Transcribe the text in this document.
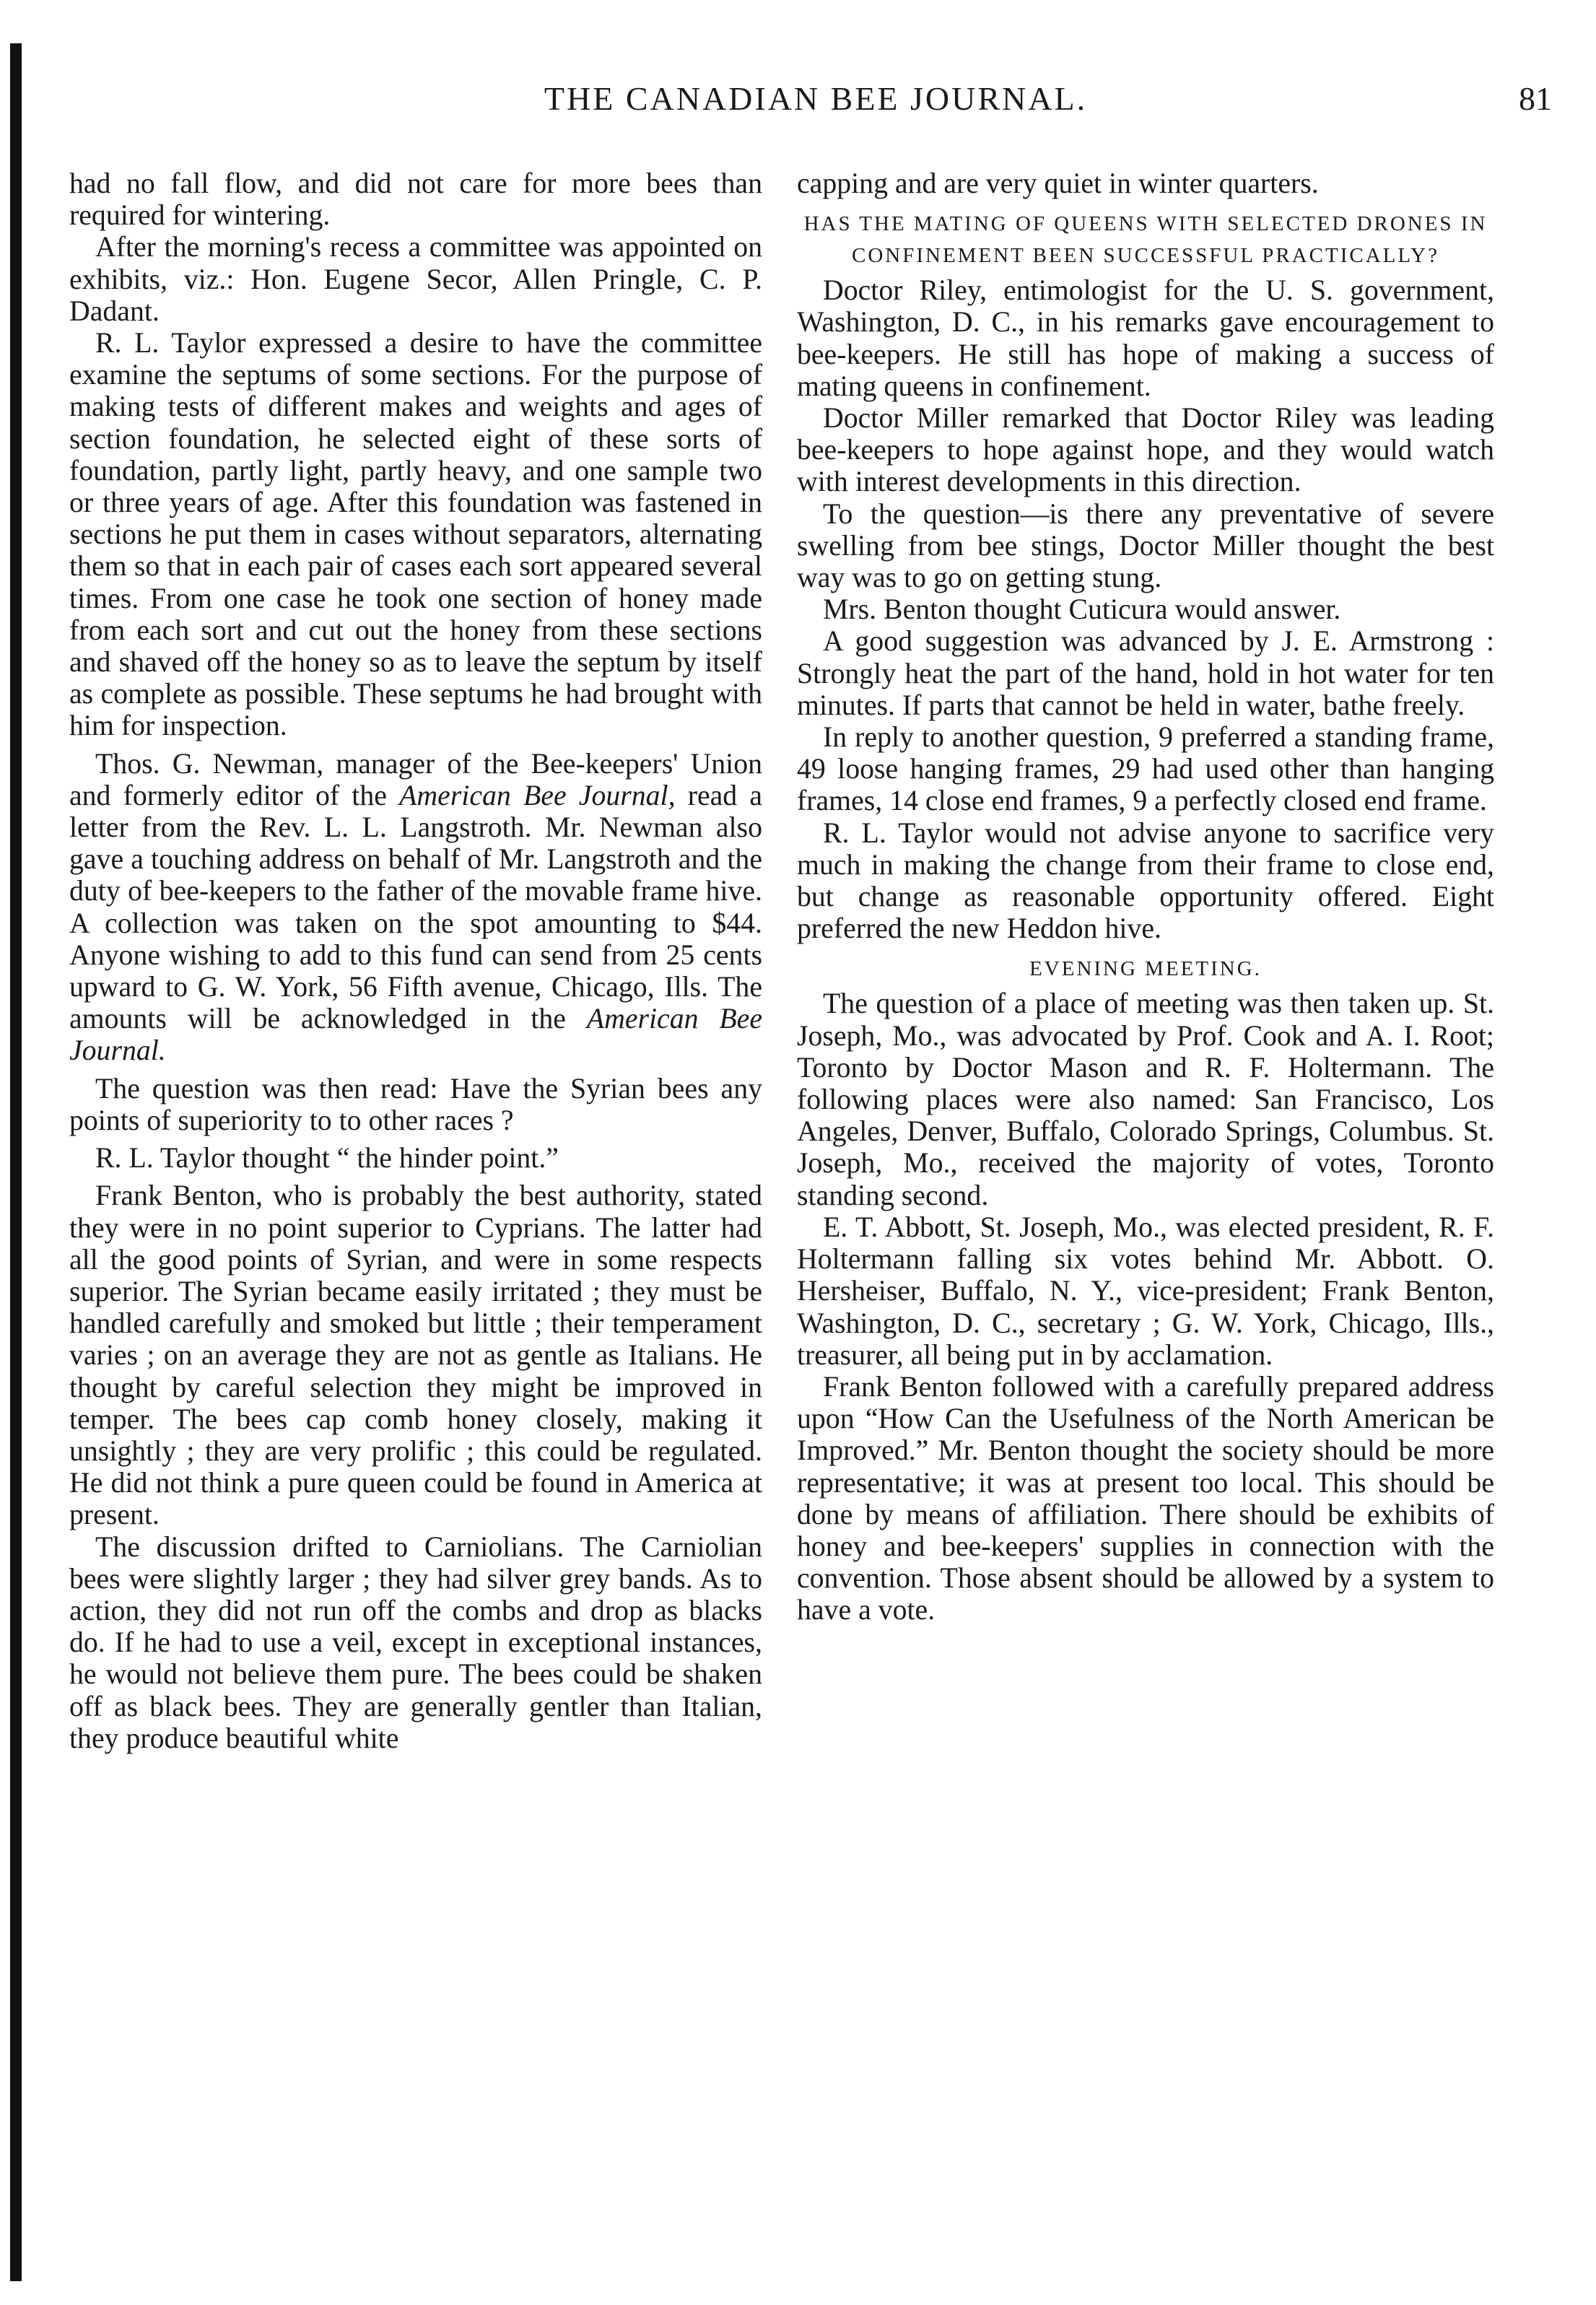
THE CANADIAN BEE JOURNAL.	81

had no fall flow, and did not care for more bees than required for wintering.

After the morning's recess a committee was appointed on exhibits, viz.: Hon. Eugene Secor, Allen Pringle, C. P. Dadant.

R. L. Taylor expressed a desire to have the committee examine the septums of some sections. For the purpose of making tests of different makes and weights and ages of section foundation, he selected eight of these sorts of foundation, partly light, partly heavy, and one sample two or three years of age. After this foundation was fastened in sections he put them in cases without separators, alternating them so that in each pair of cases each sort appeared several times. From one case he took one section of honey made from each sort and cut out the honey from these sections and shaved off the honey so as to leave the septum by itself as complete as possible. These septums he had brought with him for inspection.

Thos. G. Newman, manager of the Bee-keepers' Union and formerly editor of the American Bee Journal, read a letter from the Rev. L. L. Langstroth. Mr. Newman also gave a touching address on behalf of Mr. Langstroth and the duty of bee-keepers to the father of the movable frame hive. A collection was taken on the spot amounting to $44. Anyone wishing to add to this fund can send from 25 cents upward to G. W. York, 56 Fifth avenue, Chicago, Ills. The amounts will be acknowledged in the American Bee Journal.

The question was then read: Have the Syrian bees any points of superiority to to other races ?

R. L. Taylor thought “ the hinder point.”

Frank Benton, who is probably the best authority, stated they were in no point superior to Cyprians. The latter had all the good points of Syrian, and were in some respects superior. The Syrian became easily irritated ; they must be handled carefully and smoked but little ; their temperament varies ; on an average they are not as gentle as Italians. He thought by careful selection they might be improved in temper. The bees cap comb honey closely, making it unsightly ; they are very prolific ; this could be regulated. He did not think a pure queen could be found in America at present.

The discussion drifted to Carniolians. The Carniolian bees were slightly larger ; they had silver grey bands. As to action, they did not run off the combs and drop as blacks do. If he had to use a veil, except in exceptional instances, he would not believe them pure. The bees could be shaken off as black bees. They are generally gentler than Italian, they produce beautiful white

capping and are very quiet in winter quarters.

HAS THE MATING OF QUEENS WITH SELECTED DRONES IN CONFINEMENT BEEN SUCCESSFUL PRACTICALLY?

Doctor Riley, entimologist for the U. S. government, Washington, D. C., in his remarks gave encouragement to bee-keepers. He still has hope of making a success of mating queens in confinement.

Doctor Miller remarked that Doctor Riley was leading bee-keepers to hope against hope, and they would watch with interest developments in this direction.

To the question—is there any preventative of severe swelling from bee stings, Doctor Miller thought the best way was to go on getting stung.

Mrs. Benton thought Cuticura would answer.

A good suggestion was advanced by J. E. Armstrong : Strongly heat the part of the hand, hold in hot water for ten minutes. If parts that cannot be held in water, bathe freely.

In reply to another question, 9 preferred a standing frame, 49 loose hanging frames, 29 had used other than hanging frames, 14 close end frames, 9 a perfectly closed end frame.

R. L. Taylor would not advise anyone to sacrifice very much in making the change from their frame to close end, but change as reasonable opportunity offered. Eight preferred the new Heddon hive.

EVENING MEETING.

The question of a place of meeting was then taken up. St. Joseph, Mo., was advocated by Prof. Cook and A. I. Root; Toronto by Doctor Mason and R. F. Holtermann. The following places were also named: San Francisco, Los Angeles, Denver, Buffalo, Colorado Springs, Columbus. St. Joseph, Mo., received the majority of votes, Toronto standing second.

E. T. Abbott, St. Joseph, Mo., was elected president, R. F. Holtermann falling six votes behind Mr. Abbott. O. Hersheiser, Buffalo, N. Y., vice-president; Frank Benton, Washington, D. C., secretary ; G. W. York, Chicago, Ills., treasurer, all being put in by acclamation.

Frank Benton followed with a carefully prepared address upon “How Can the Usefulness of the North American be Improved.” Mr. Benton thought the society should be more representative; it was at present too local. This should be done by means of affiliation. There should be exhibits of honey and bee-keepers' supplies in connection with the convention. Those absent should be allowed by a system to have a vote.
